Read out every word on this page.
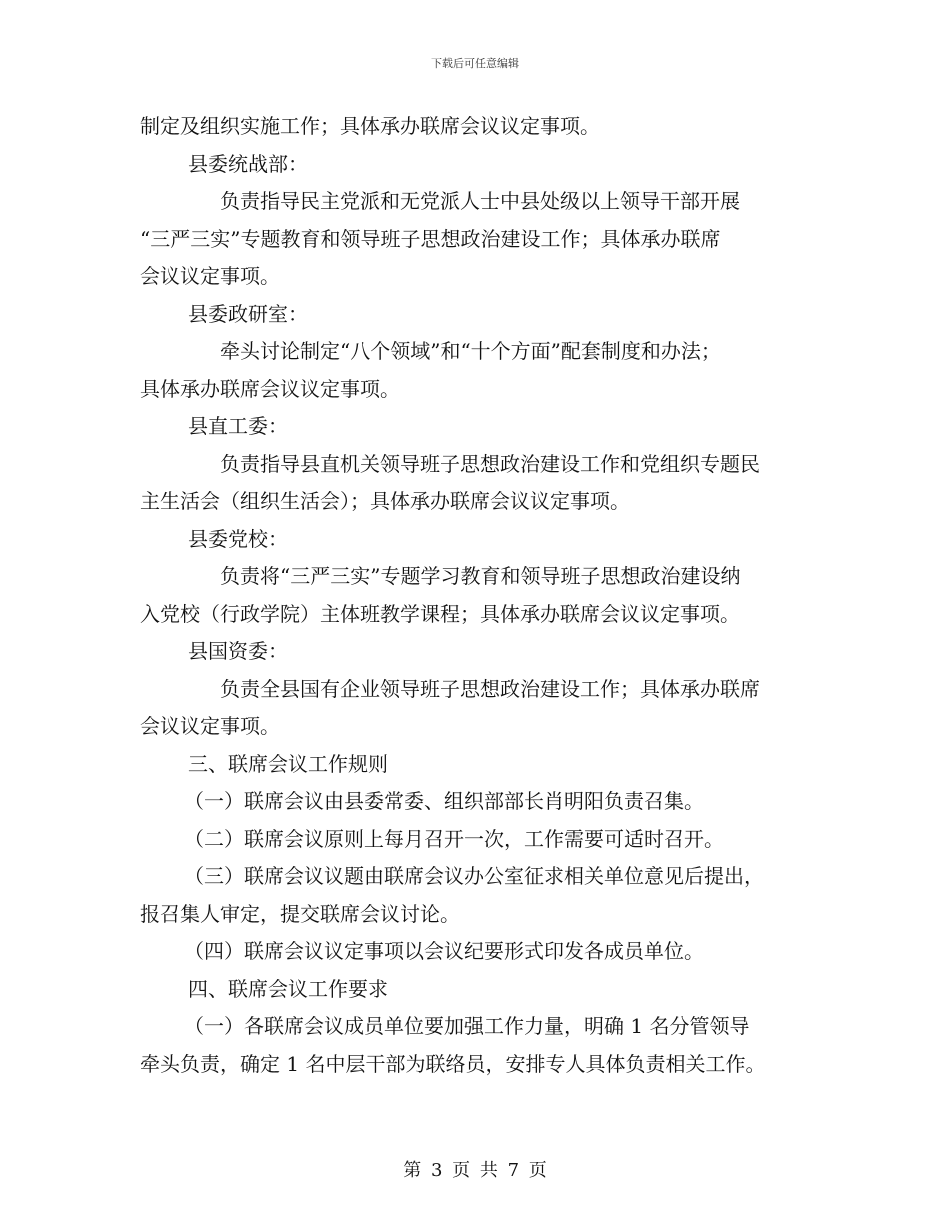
下载后可任意编辑
制定及组织实施工作；具体承办联席会议议定事项。
县委统战部：
负责指导民主党派和无党派人士中县处级以上领导干部开展
“三严三实”专题教育和领导班子思想政治建设工作；具体承办联席
会议议定事项。
县委政研室：
牵头讨论制定“八个领域”和“十个方面”配套制度和办法；
具体承办联席会议议定事项。
县直工委：
负责指导县直机关领导班子思想政治建设工作和党组织专题民
主生活会（组织生活会）；具体承办联席会议议定事项。
县委党校：
负责将“三严三实”专题学习教育和领导班子思想政治建设纳
入党校（行政学院）主体班教学课程；具体承办联席会议议定事项。
县国资委：
负责全县国有企业领导班子思想政治建设工作；具体承办联席
会议议定事项。
三、联席会议工作规则
（一）联席会议由县委常委、组织部部长肖明阳负责召集。
（二）联席会议原则上每月召开一次，工作需要可适时召开。
（三）联席会议议题由联席会议办公室征求相关单位意见后提出，
报召集人审定，提交联席会议讨论。
（四）联席会议议定事项以会议纪要形式印发各成员单位。
四、联席会议工作要求
（一）各联席会议成员单位要加强工作力量，明确 1 名分管领导
牵头负责，确定 1 名中层干部为联络员，安排专人具体负责相关工作。
第 3 页 共 7 页
